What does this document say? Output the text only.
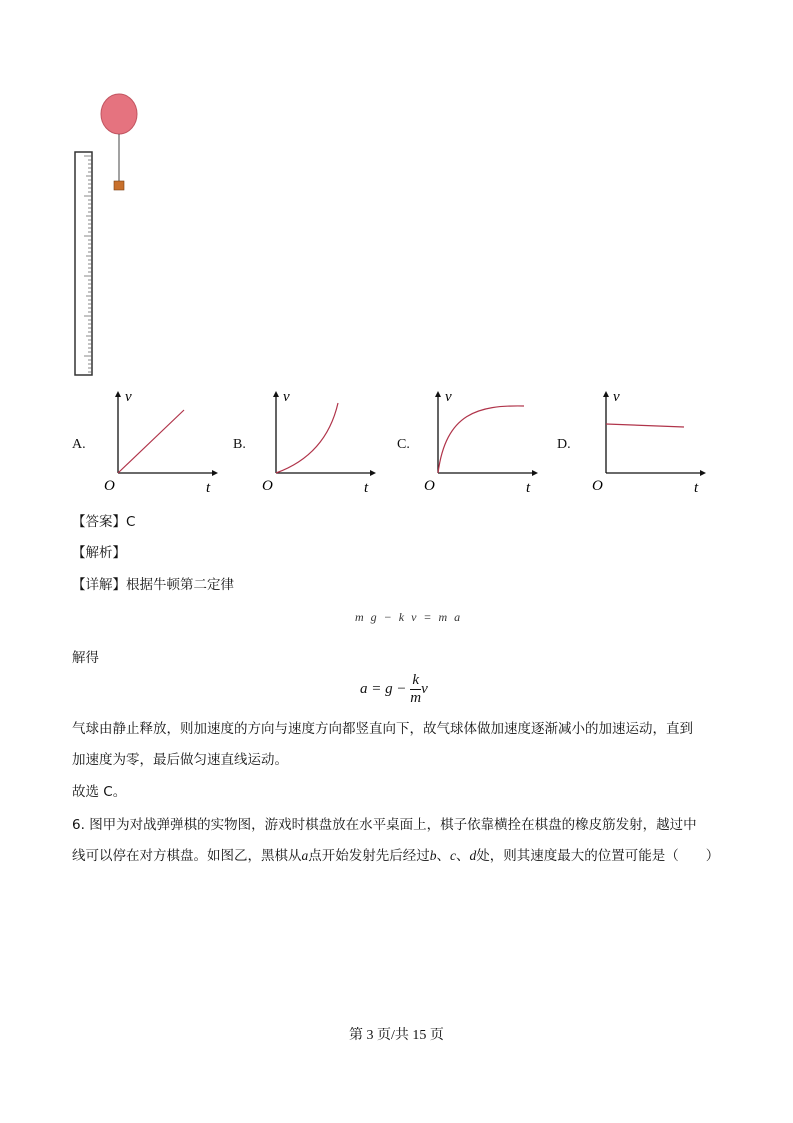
A.
v
t
O
B.
v
t
O
C.
v
t
O
D.
v
t
O
【答案】C
【解析】
【详解】根据牛顿第二定律
m g − k v = m a
解得
$a = g - \frac{k}{m}$ v
气球由静止释放，则加速度的方向与速度方向都竖直向下，故气球体做加速度逐渐减小的加速运动，直到
加速度为零，最后做匀速直线运动。
故选 C。
6. 图甲为对战弹弹棋的实物图，游戏时棋盘放在水平桌面上，棋子依靠横拴在棋盘的橡皮筋发射，越过中
线可以停在对方棋盘。如图乙，黑棋从a点开始发射先后经过b、c、d处，则其速度最大的位置可能是（　　）
第 3 页/共 15 页
